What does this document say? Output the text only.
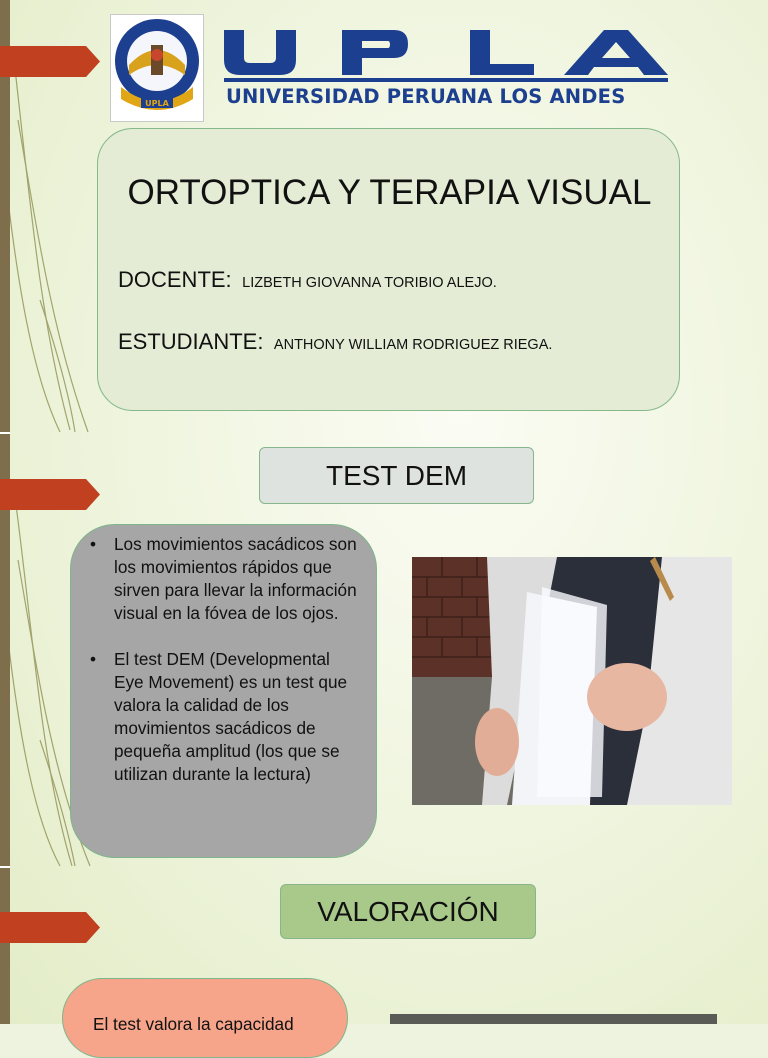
UPLA	UNIVERSIDAD PERUANA LOS ANDES
ORTOPTICA Y TERAPIA VISUAL
DOCENTE: LIZBETH GIOVANNA TORIBIO ALEJO.
ESTUDIANTE: ANTHONY WILLIAM RODRIGUEZ RIEGA.
TEST DEM
• Los movimientos sacádicos son los movimientos rápidos que sirven para llevar la información visual en la fóvea de los ojos.
• El test DEM (Developmental Eye Movement) es un test que valora la calidad de los movimientos sacádicos de pequeña amplitud (los que se utilizan durante la lectura)
VALORACIÓN
El test valora la capacidad
